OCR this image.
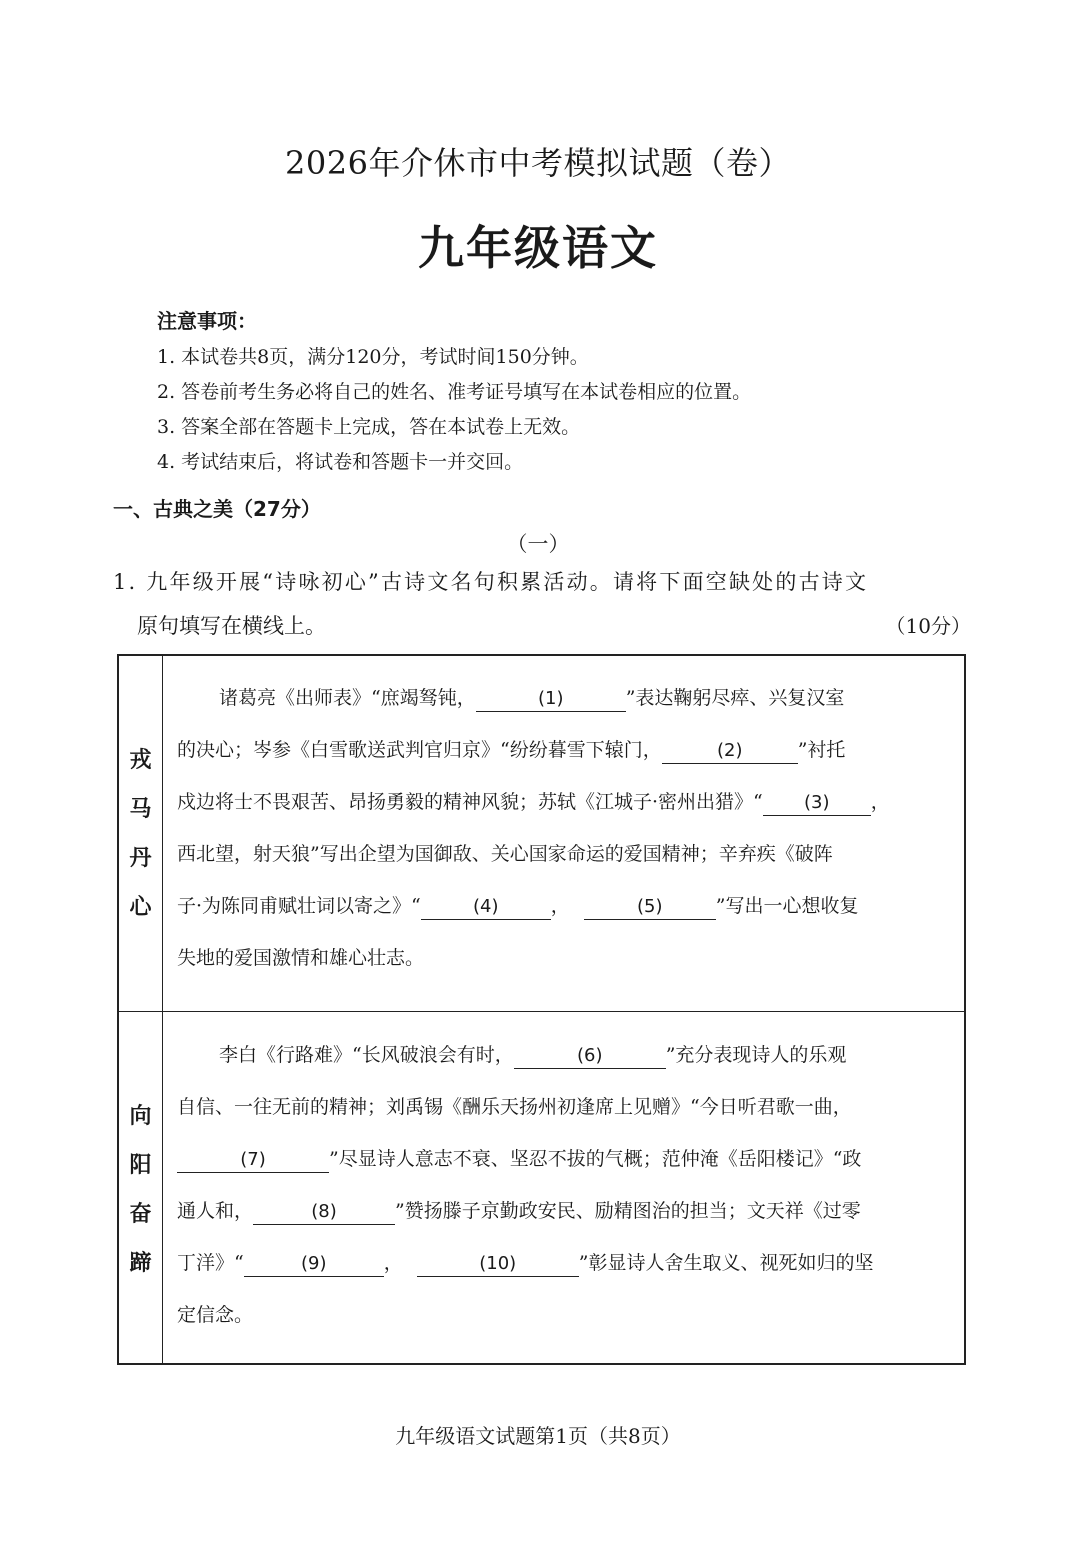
2026年介休市中考模拟试题（卷）
九年级语文
注意事项：
1. 本试卷共8页，满分120分，考试时间150分钟。
2. 答卷前考生务必将自己的姓名、准考证号填写在本试卷相应的位置。
3. 答案全部在答题卡上完成，答在本试卷上无效。
4. 考试结束后，将试卷和答题卡一并交回。
一、古典之美（27分）
（一）
1. 九年级开展“诗咏初心”古诗文名句积累活动。请将下面空缺处的古诗文
原句填写在横线上。	（10分）
戎
马
丹
心
诸葛亮《出师表》“庶竭驽钝，	(1)	”表达鞠躬尽瘁、兴复汉室
的决心；岑参《白雪歌送武判官归京》“纷纷暮雪下辕门，	(2)	”衬托
戍边将士不畏艰苦、昂扬勇毅的精神风貌；苏轼《江城子·密州出猎》“ (3) ，
西北望，射天狼”写出企望为国御敌、关心国家命运的爱国精神；辛弃疾《破阵
子·为陈同甫赋壮词以寄之》“	(4)	，	(5)	”写出一心想收复
失地的爱国激情和雄心壮志。
向
阳
奋
蹄
李白《行路难》“长风破浪会有时，	(6)	”充分表现诗人的乐观
自信、一往无前的精神；刘禹锡《酬乐天扬州初逢席上见赠》“今日听君歌一曲，
(7)	”尽显诗人意志不衰、坚忍不拔的气概；范仲淹《岳阳楼记》“政
通人和，	(8)	”赞扬滕子京勤政安民、励精图治的担当；文天祥《过零
丁洋》“	(9)	，	(10)	”彰显诗人舍生取义、视死如归的坚
定信念。
九年级语文试题第1页（共8页）
